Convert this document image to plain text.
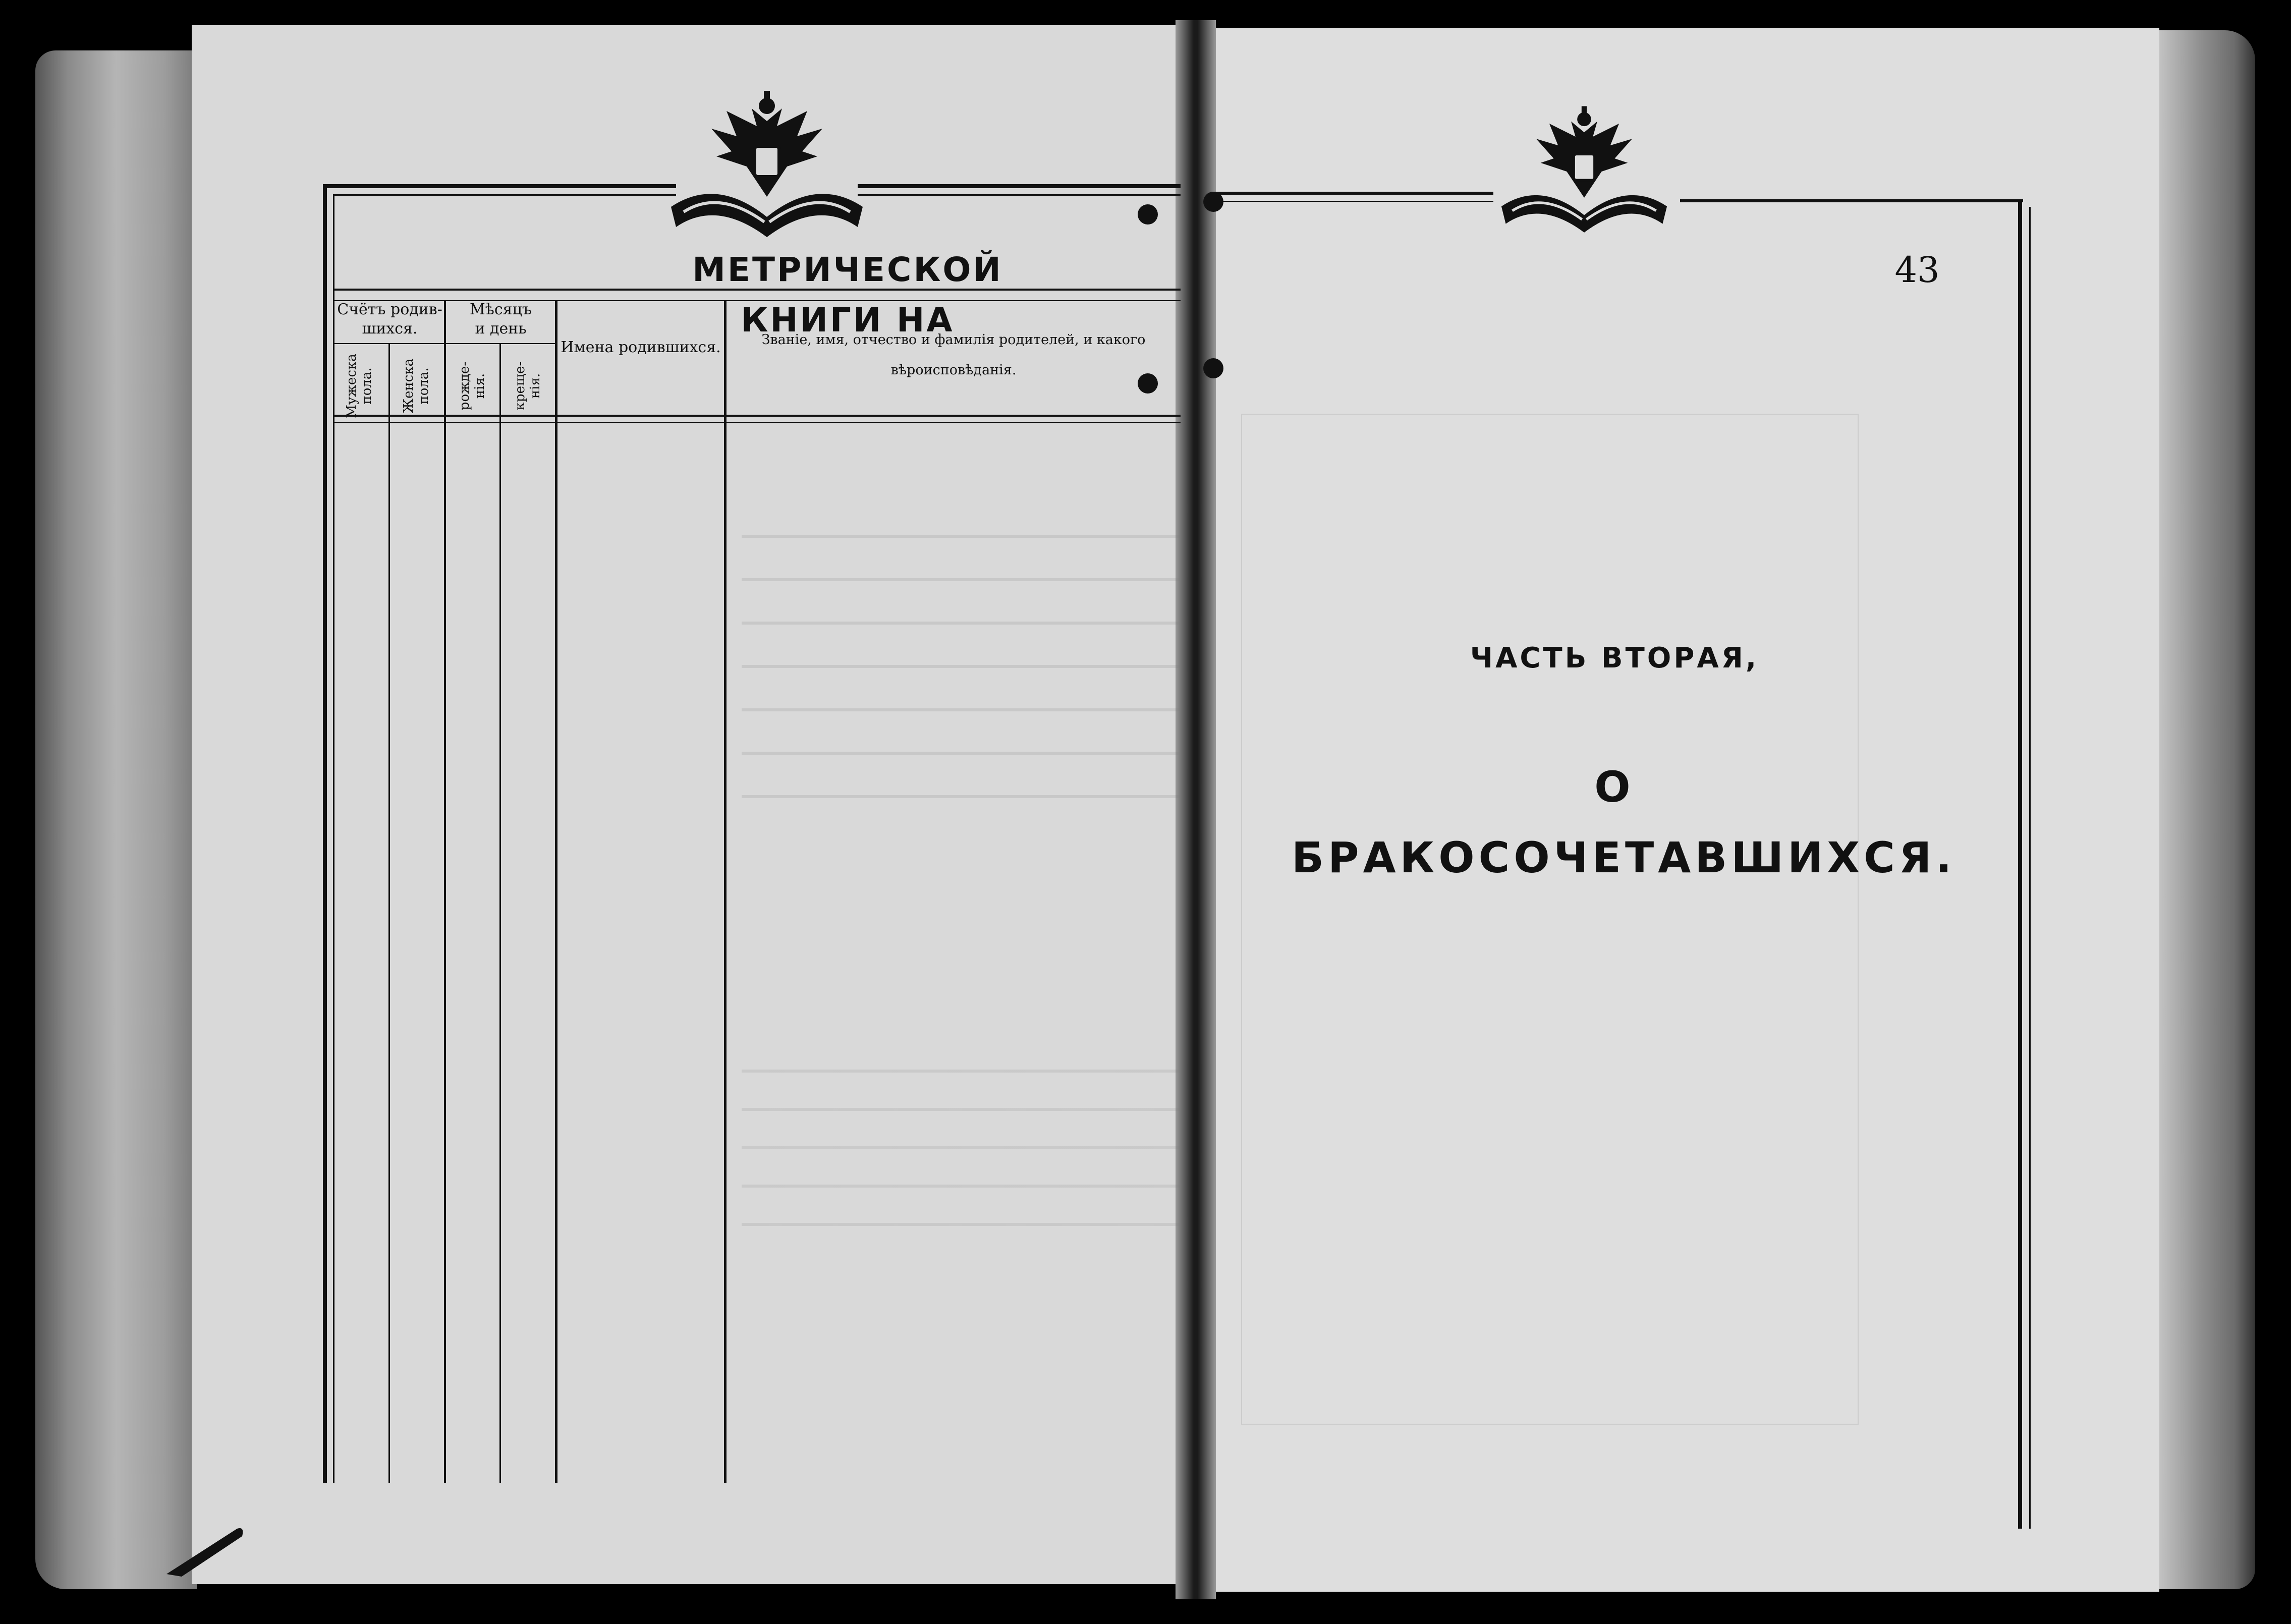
МЕТРИЧЕСКОЙ КНИГИ НА
Счётъ родив-
шихся.
Мѣсяцъ
и день
Имена родившихся.	Званіе, имя, отчество и фамилія родителей, и какого
вѣроисповѣданія.
Мужеска
пола. Женска
пола. рожде-
нія. креще-
нія.
43
ЧАСТЬ ВТОРАЯ,
О БРАКОСОЧЕТАВШИХСЯ.
